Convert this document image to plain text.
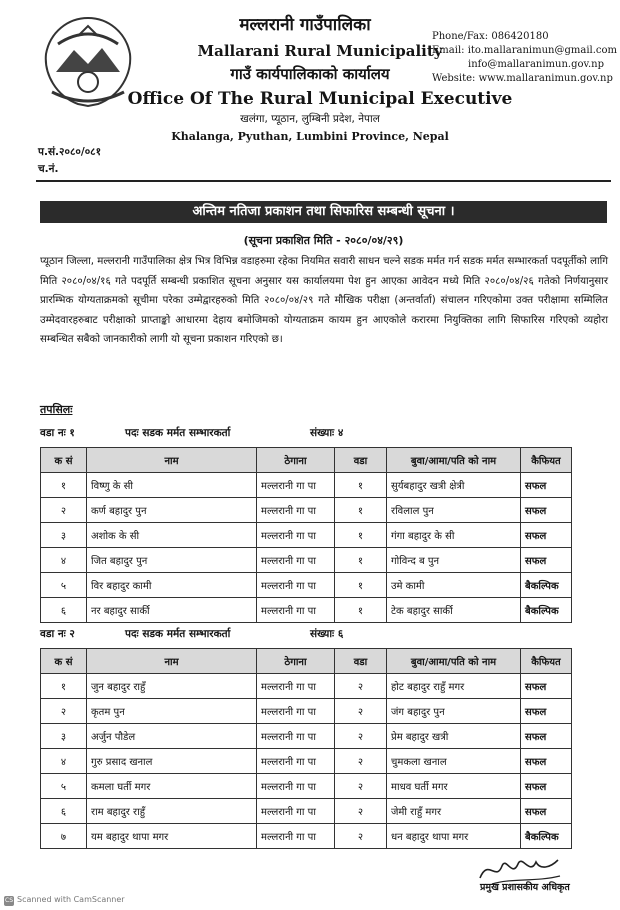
मल्लरानी गाउँपालिका
Mallarani Rural Municipality
गाउँ कार्यपालिकाको कार्यालय
Office Of The Rural Municipal Executive
खलंगा, प्यूठान, लुम्बिनी प्रदेश, नेपाल
Khalanga, Pyuthan, Lumbini Province, Nepal
Phone/Fax: 086420180
Email: ito.mallaranimun@gmail.com
info@mallaranimun.gov.np
Website: www.mallaranimun.gov.np
प.सं.२०८०/०८१
च.नं.
अन्तिम नतिजा प्रकाशन तथा सिफारिस सम्बन्धी सूचना ।
(सूचना प्रकाशित मिति - २०८०/०४/२९)
प्यूठान जिल्ला, मल्लरानी गाउँपालिका क्षेत्र भित्र विभिन्न वडाहरुमा रहेका नियमित सवारी साधन चल्ने सडक मर्मत गर्न सडक मर्मत सम्भारकर्ता पदपूर्तीको लागि मिति २०८०/०४/१६ गते पदपूर्ति सम्बन्धी प्रकाशित सूचना अनुसार यस कार्यालयमा पेश हुन आएका आवेदन मध्ये मिति २०८०/०४/२६ गतेको निर्णयानुसार प्रारम्भिक योग्यताक्रमको सूचीमा परेका उम्मेद्वारहरुको मिति २०८०/०४/२९ गते मौखिक परीक्षा (अन्तर्वार्ता) संचालन गरिएकोमा उक्त परीक्षामा सम्मिलित उम्मेदवारहरुबाट परीक्षाको प्राप्ताङ्को आधारमा देहाय बमोजिमको योग्यताक्रम कायम हुन आएकोले करारमा नियुक्तिका लागि सिफारिस गरिएको व्यहोरा सम्बन्धित सबैको जानकारीको लागी यो सूचना प्रकाशन गरिएको छ।
तपसिलः
वडा नः १	पदः सडक मर्मत सम्भारकर्ता	संख्याः ४
क सं	नाम	ठेगाना	वडा	बुवा/आमा/पति को नाम	कैफियत
१	विष्णु के सी	मल्लरानी गा पा	१	सुर्यबहादुर खत्री क्षेत्री	सफल
२	कर्ण बहादुर पुन	मल्लरानी गा पा	१	रविलाल पुन	सफल
३	अशोक के सी	मल्लरानी गा पा	१	गंगा बहादुर के सी	सफल
४	जित बहादुर पुन	मल्लरानी गा पा	१	गोविन्द ब पुन	सफल
५	विर बहादुर कामी	मल्लरानी गा पा	१	उमे कामी	बैकल्पिक
६	नर बहादुर सार्की	मल्लरानी गा पा	१	टेक बहादुर सार्की	बैकल्पिक
वडा नः २	पदः सडक मर्मत सम्भारकर्ता	संख्याः ६
क सं	नाम	ठेगाना	वडा	बुवा/आमा/पति को नाम	कैफियत
१	जुन बहादुर राहुँ	मल्लरानी गा पा	२	होट बहादुर राहुँ मगर	सफल
२	कृतम पुन	मल्लरानी गा पा	२	जंग बहादुर पुन	सफल
३	अर्जुन पौडेल	मल्लरानी गा पा	२	प्रेम बहादुर खत्री	सफल
४	गुरु प्रसाद खनाल	मल्लरानी गा पा	२	चुमकला खनाल	सफल
५	कमला घर्ती मगर	मल्लरानी गा पा	२	माधव घर्ती मगर	सफल
६	राम बहादुर राहुँ	मल्लरानी गा पा	२	जेमी राहुँ मगर	सफल
७	यम बहादुर थापा मगर	मल्लरानी गा पा	२	धन बहादुर थापा मगर	बैकल्पिक
प्रमुख प्रशासकीय अधिकृत
CS Scanned with CamScanner
